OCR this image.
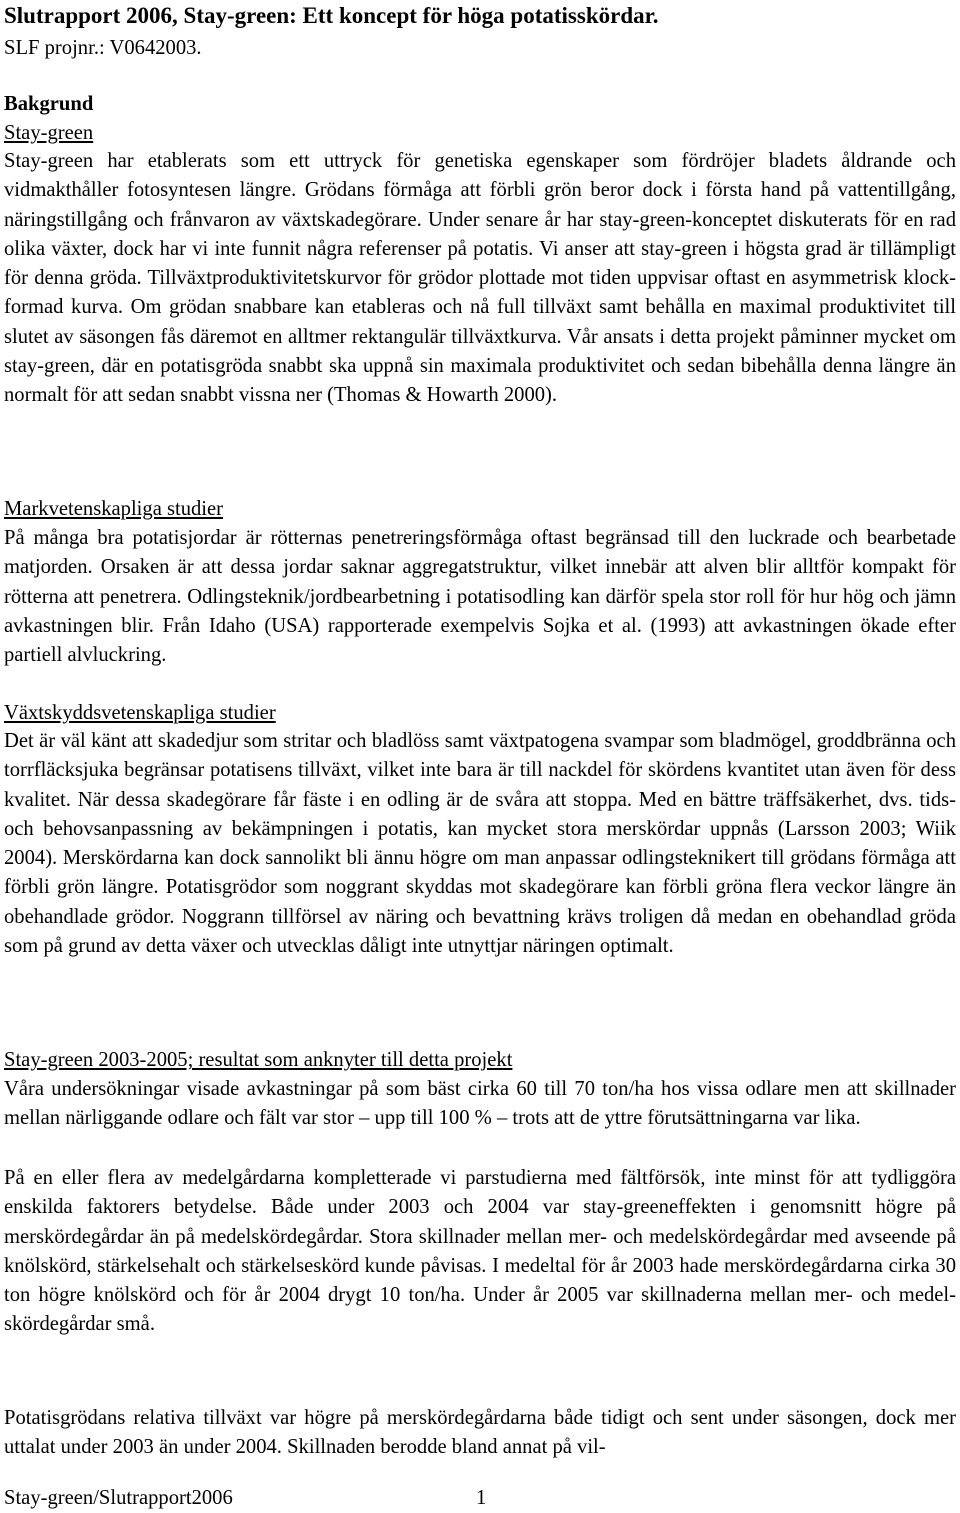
Slutrapport 2006, Stay-green: Ett koncept för höga potatisskördar.
SLF projnr.: V0642003.
Bakgrund
Stay-green
Stay-green har etablerats som ett uttryck för genetiska egenskaper som fördröjer bladets åldrande och vidmakthåller fotosyntesen längre. Grödans förmåga att förbli grön beror dock i första hand på vattentillgång, näringstillgång och frånvaron av växtskadegörare. Under senare år har stay-green-konceptet diskuterats för en rad olika växter, dock har vi inte funnit några referenser på potatis. Vi anser att stay-green i högsta grad är tillämpligt för denna gröda. Tillväxtproduktivitetskurvor för grödor plottade mot tiden uppvisar oftast en asymmetrisk klockformad kurva. Om grödan snabbare kan etableras och nå full tillväxt samt behålla en maximal produktivitet till slutet av säsongen fås däremot en alltmer rektangulär tillväxtkurva. Vår ansats i detta projekt påminner mycket om stay-green, där en potatisgröda snabbt ska uppnå sin maximala produktivitet och sedan bibehålla denna längre än normalt för att sedan snabbt vissna ner (Thomas & Howarth 2000).
Markvetenskapliga studier
På många bra potatisjordar är rötternas penetreringsförmåga oftast begränsad till den luckrade och bearbetade matjorden. Orsaken är att dessa jordar saknar aggregatstruktur, vilket innebär att alven blir alltför kompakt för rötterna att penetrera. Odlingsteknik/jordbearbetning i potatisodling kan därför spela stor roll för hur hög och jämn avkastningen blir. Från Idaho (USA) rapporterade exempelvis Sojka et al. (1993) att avkastningen ökade efter partiell alvluckring.
Växtskyddsvetenskapliga studier
Det är väl känt att skadedjur som stritar och bladlöss samt växtpatogena svampar som bladmögel, groddbränna och torrfläcksjuka begränsar potatisens tillväxt, vilket inte bara är till nackdel för skördens kvantitet utan även för dess kvalitet. När dessa skadegörare får fäste i en odling är de svåra att stoppa. Med en bättre träffsäkerhet, dvs. tids- och behovsanpassning av bekämpningen i potatis, kan mycket stora merskördar uppnås (Larsson 2003; Wiik 2004). Merskördarna kan dock sannolikt bli ännu högre om man anpassar odlingsteknikert till grödans förmåga att förbli grön längre. Potatisgrödor som noggrant skyddas mot skadegörare kan förbli gröna flera veckor längre än obehandlade grödor. Noggrann tillförsel av näring och bevattning krävs troligen då medan en obehandlad gröda som på grund av detta växer och utvecklas dåligt inte utnyttjar näringen optimalt.
Stay-green 2003-2005; resultat som anknyter till detta projekt
Våra undersökningar visade avkastningar på som bäst cirka 60 till 70 ton/ha hos vissa odlare men att skillnader mellan närliggande odlare och fält var stor – upp till 100 % – trots att de yttre förutsättningarna var lika.
På en eller flera av medelgårdarna kompletterade vi parstudierna med fältförsök, inte minst för att tydliggöra enskilda faktorers betydelse. Både under 2003 och 2004 var stay-greeneffekten i genomsnitt högre på merskördegårdar än på medelskördegårdar. Stora skillnader mellan mer- och medelskördegårdar med avseende på knölskörd, stärkelsehalt och stärkelseskörd kunde påvisas. I medeltal för år 2003 hade merskördegårdarna cirka 30 ton högre knölskörd och för år 2004 drygt 10 ton/ha. Under år 2005 var skillnaderna mellan mer- och medelskördegårdar små.
Potatisgrödans relativa tillväxt var högre på merskördegårdarna både tidigt och sent under säsongen, dock mer uttalat under 2003 än under 2004. Skillnaden berodde bland annat på vil-
Stay-green/Slutrapport2006	1
